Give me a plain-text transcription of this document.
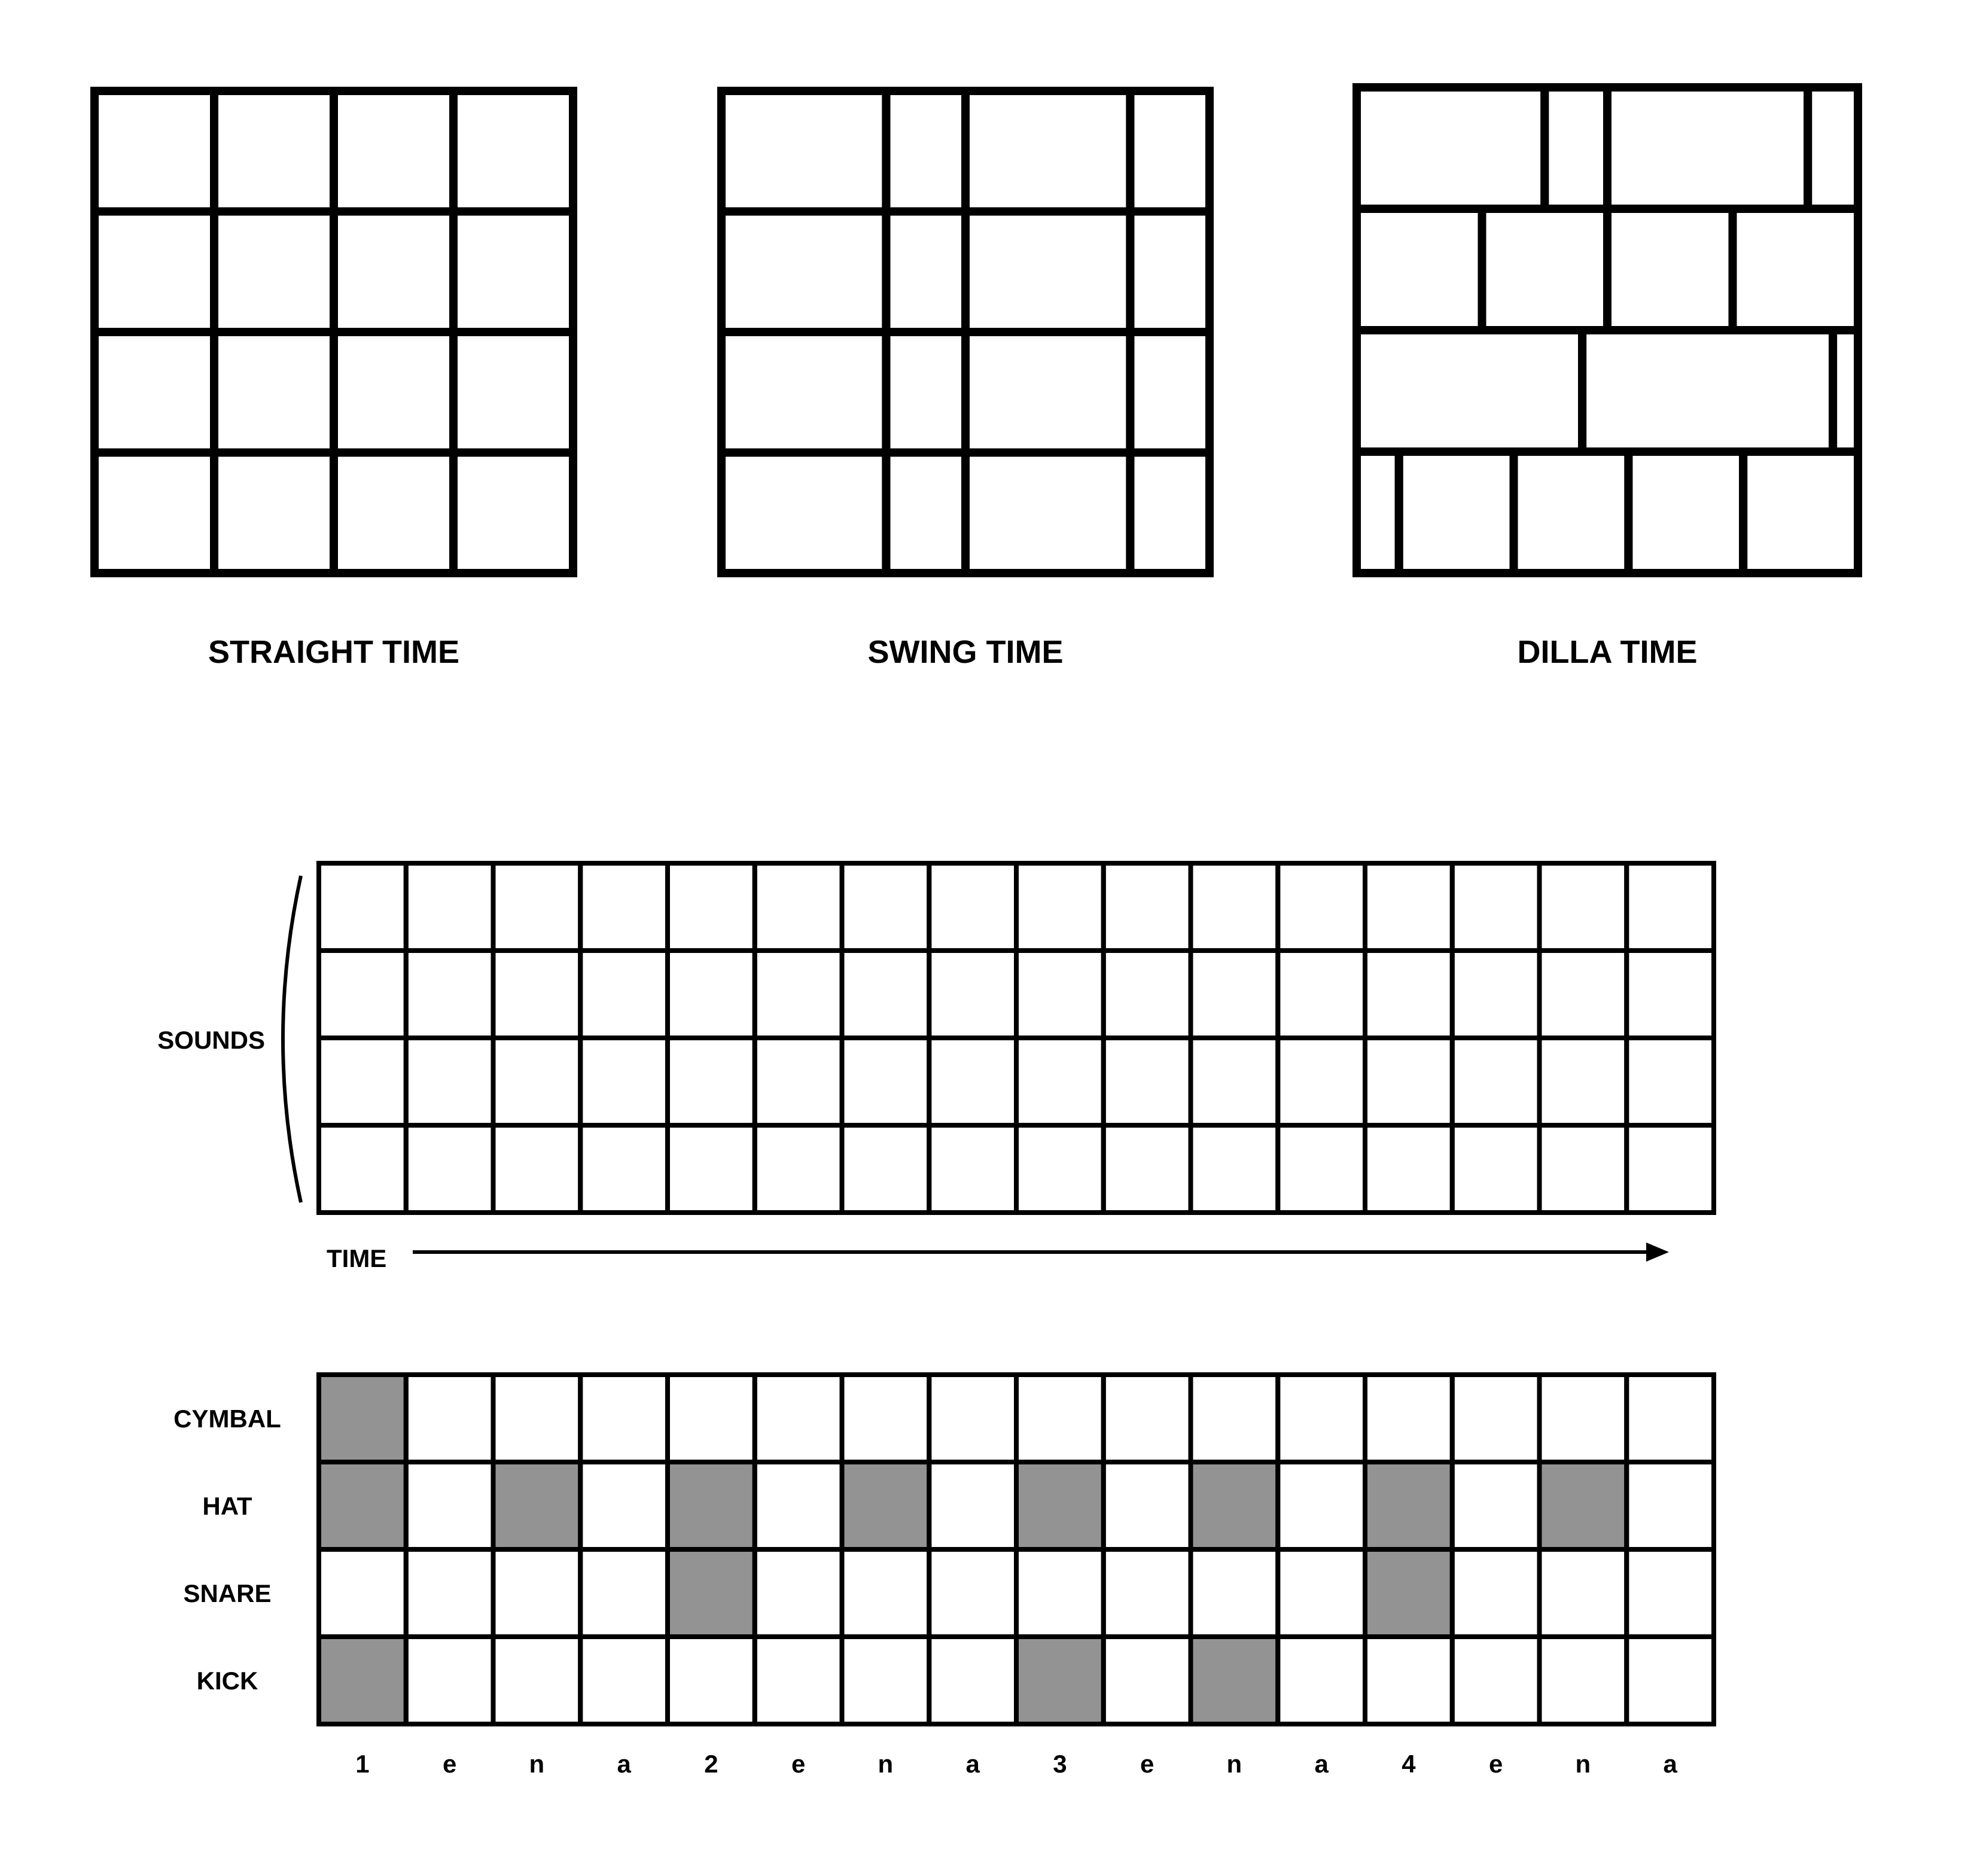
STRAIGHT TIME	SWING TIME	DILLA TIME
SOUNDS
TIME
CYMBAL
HAT
SNARE
KICK
1	e	n	a	2	e	n	a	3	e	n	a	4	e	n	a
